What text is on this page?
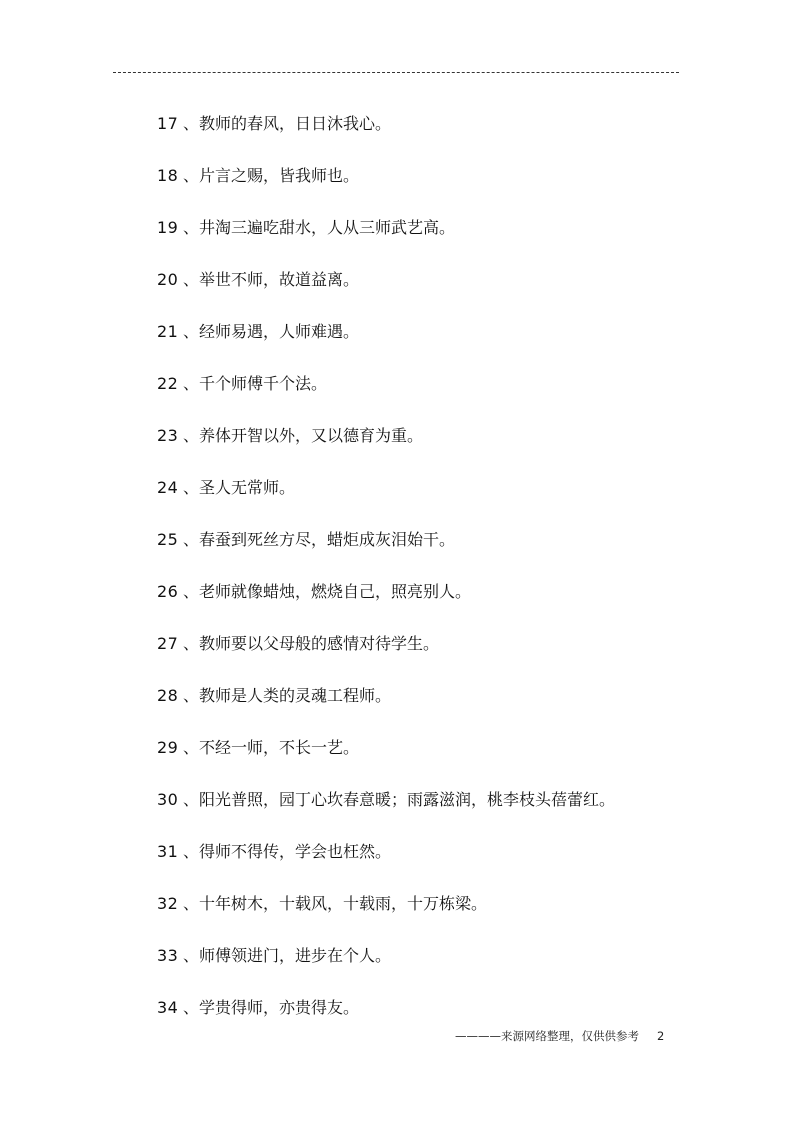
17 、教师的春风，日日沐我心。
18 、片言之赐，皆我师也。
19 、井淘三遍吃甜水，人从三师武艺高。
20 、举世不师，故道益离。
21 、经师易遇，人师难遇。
22 、千个师傅千个法。
23 、养体开智以外，又以德育为重。
24 、圣人无常师。
25 、春蚕到死丝方尽，蜡炬成灰泪始干。
26 、老师就像蜡烛，燃烧自己，照亮别人。
27 、教师要以父母般的感情对待学生。
28 、教师是人类的灵魂工程师。
29 、不经一师，不长一艺。
30 、阳光普照，园丁心坎春意暖；雨露滋润，桃李枝头蓓蕾红。
31 、得师不得传，学会也枉然。
32 、十年树木，十载风，十载雨，十万栋梁。
33 、师傅领进门，进步在个人。
34 、学贵得师，亦贵得友。
————来源网络整理，仅供供参考 2
